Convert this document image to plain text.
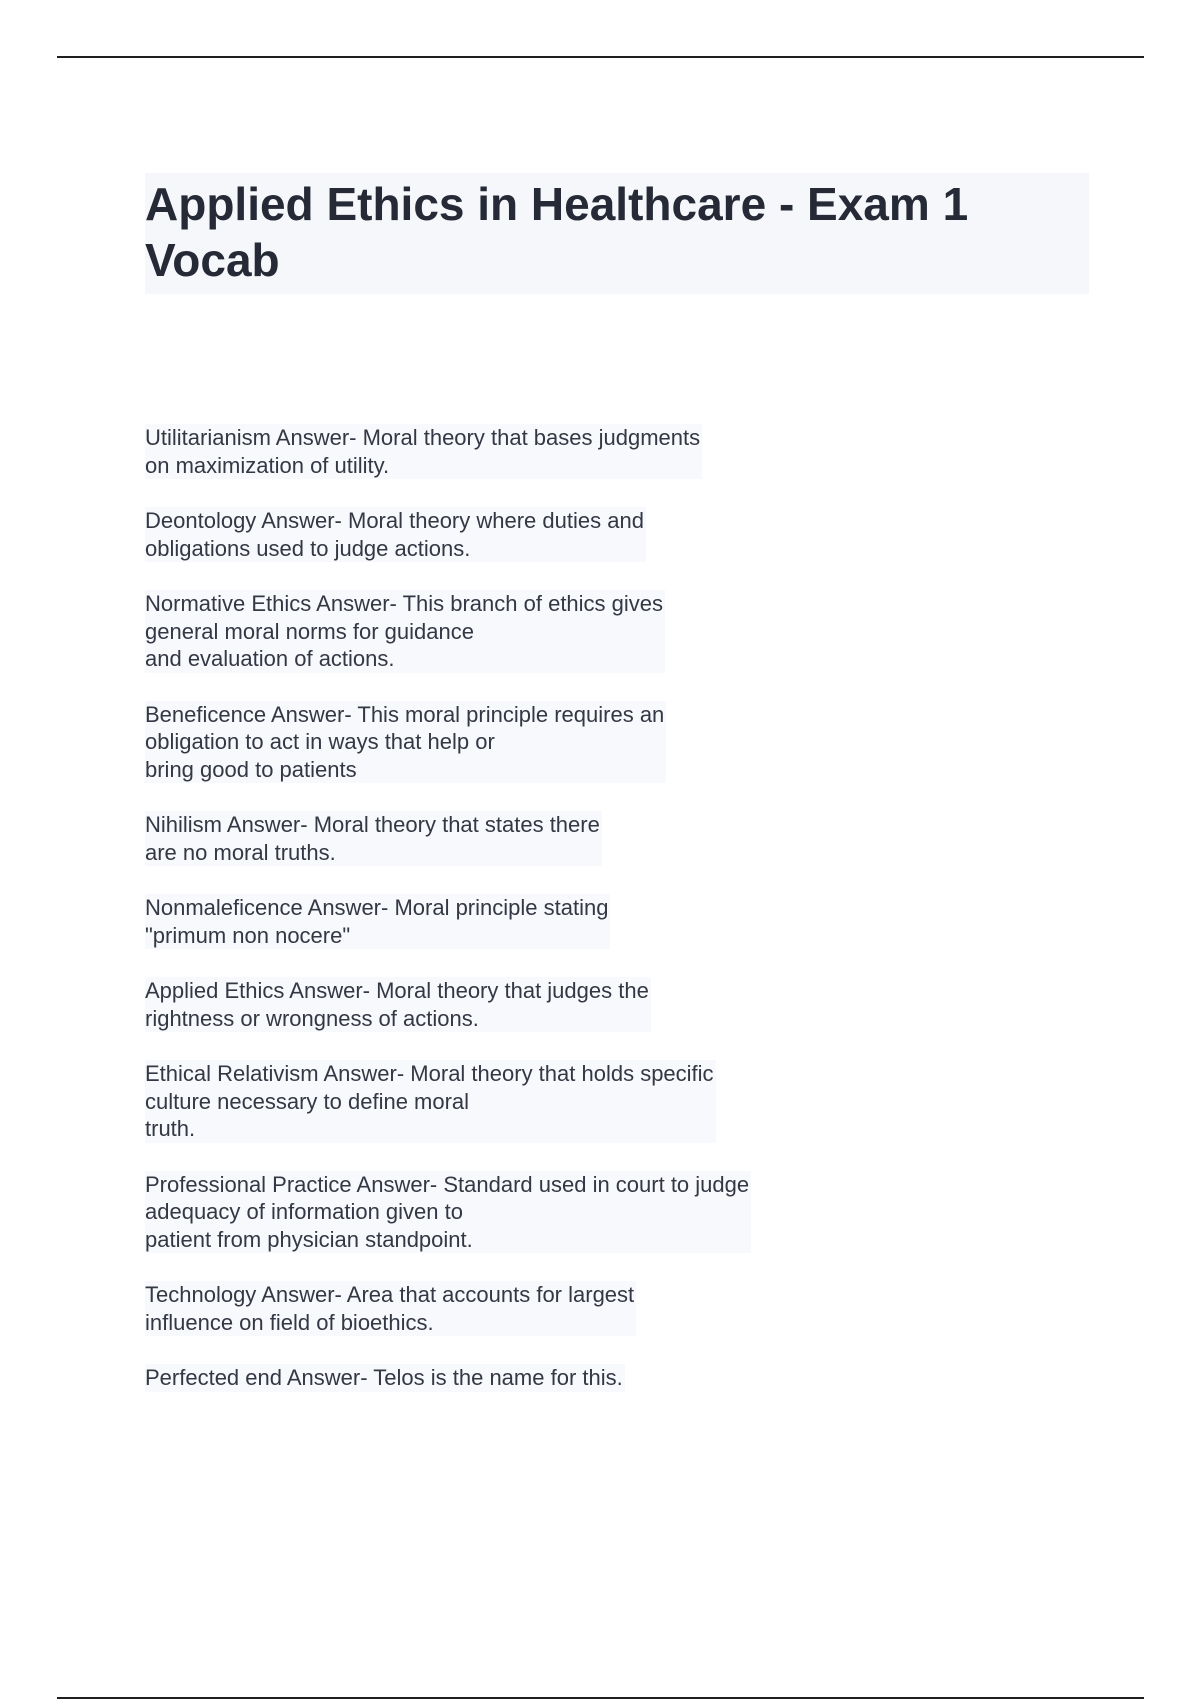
Applied Ethics in Healthcare - Exam 1 Vocab
Utilitarianism Answer- Moral theory that bases judgments
on maximization of utility.
Deontology Answer- Moral theory where duties and
obligations used to judge actions.
Normative Ethics Answer- This branch of ethics gives
general moral norms for guidance
and evaluation of actions.
Beneficence Answer- This moral principle requires an
obligation to act in ways that help or
bring good to patients
Nihilism Answer- Moral theory that states there
are no moral truths.
Nonmaleficence Answer- Moral principle stating
"primum non nocere"
Applied Ethics Answer- Moral theory that judges the
rightness or wrongness of actions.
Ethical Relativism Answer- Moral theory that holds specific
culture necessary to define moral
truth.
Professional Practice Answer- Standard used in court to judge
adequacy of information given to
patient from physician standpoint.
Technology Answer- Area that accounts for largest
influence on field of bioethics.
Perfected end Answer- Telos is the name for this.
